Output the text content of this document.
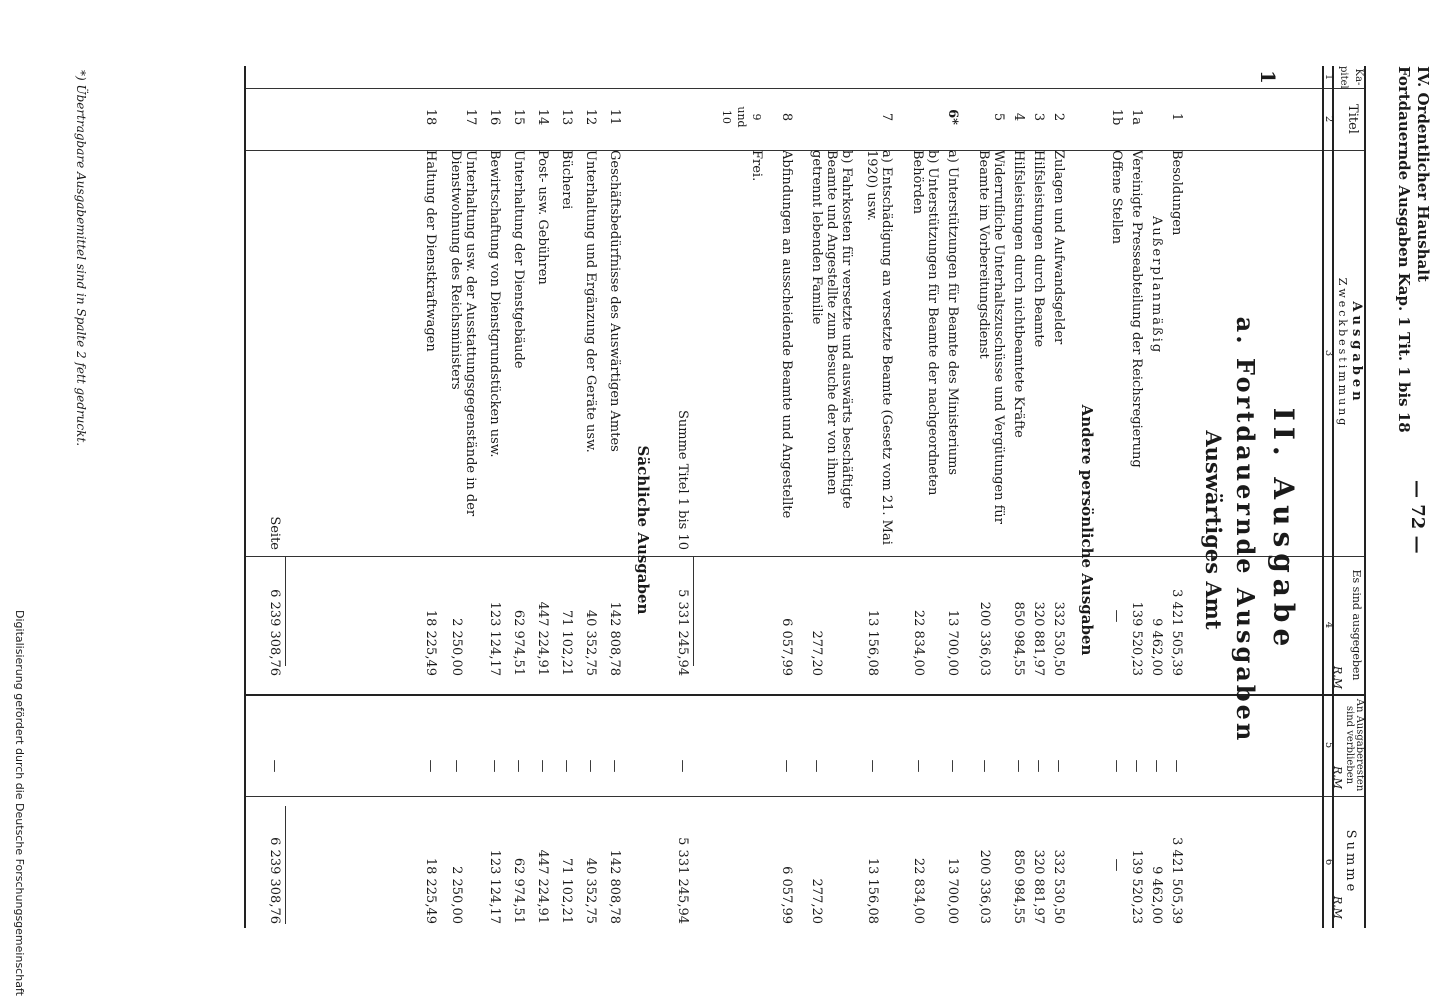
IV. Ordentlicher Haushalt
Fortdauernde Ausgaben Kap. 1 Tit. 1 bis 18
— 72 —
Ka-pitel
Titel
Ausgaben
Zweckbestimmung
Es sind ausgegeben
An Ausgaberesten sind verblieben
Summe
1
2
3
4
5
6
R.M
R.M
R.M
1
II. Ausgabe
a. Fortdauernde Ausgaben
Auswärtiges Amt
1
Besoldungen
3 421 505,39
—
3 421 505,39
Außerplanmäßig
9 462,00
—
9 462,00
1a
Vereinigte Presseabteilung der Reichsregierung
139 520,23
—
139 520,23
1b
Offene Stellen
—
—
—
Andere persönliche Ausgaben
2
Zulagen und Aufwandsgelder
332 530,50
—
332 530,50
3
Hilfsleistungen durch Beamte
320 881,97
—
320 881,97
4
Hilfsleistungen durch nichtbeamtete Kräfte
850 984,55
—
850 984,55
5
Widerrufliche Unterhaltszuschüsse und Vergütungen für Beamte im Vorbereitungsdienst
200 336,03
—
200 336,03
6*
a) Unterstützungen für Beamte des Ministeriums
13 700,00
—
13 700,00
b) Unterstützungen für Beamte der nachgeordneten Behörden
22 834,00
—
22 834,00
7
a) Entschädigung an versetzte Beamte (Gesetz vom 21. Mai 1920) usw.
13 156,08
—
13 156,08
b) Fahrkosten für versetzte und auswärts beschäftigte Beamte und Angestellte zum Besuche der von ihnen getrennt lebenden Familie
277,20
—
277,20
8
Abfindungen an ausscheidende Beamte und Angestellte
6 057,99
—
6 057,99
9 und 10
Frei.
Summe Titel 1 bis 10
5 331 245,94
—
5 331 245,94
Sächliche Ausgaben
11
Geschäftsbedürfnisse des Auswärtigen Amtes
142 808,78
—
142 808,78
12
Unterhaltung und Ergänzung der Geräte usw.
40 352,75
—
40 352,75
13
Bücherei
71 102,21
—
71 102,21
14
Post- usw. Gebühren
447 224,91
—
447 224,91
15
Unterhaltung der Dienstgebäude
62 974,51
—
62 974,51
16
Bewirtschaftung von Dienstgrundstücken usw.
123 124,17
—
123 124,17
17
Unterhaltung usw. der Ausstattungsgegenstände in der Dienstwohnung des Reichsministers
2 250,00
—
2 250,00
18
Haltung der Dienstkraftwagen
18 225,49
—
18 225,49
Seite
6 239 308,76
—
6 239 308,76
*) Übertragbare Ausgabemittel sind in Spalte 2 fett gedruckt.
Digitalisierung gefördert durch die Deutsche Forschungsgemeinschaft
